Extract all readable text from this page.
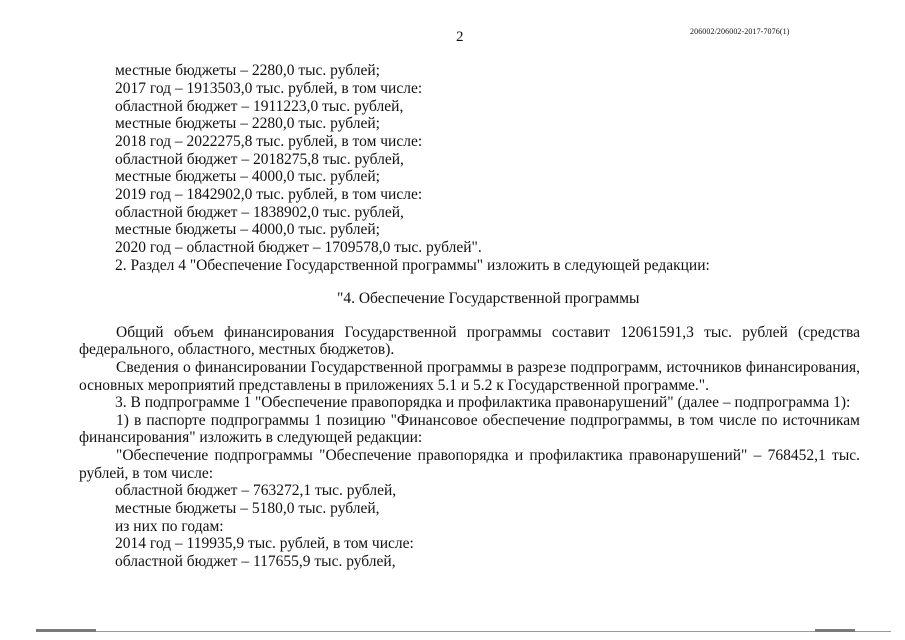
2	206002/206002-2017-7076(1)
местные бюджеты – 2280,0 тыс. рублей;
2017 год – 1913503,0 тыс. рублей, в том числе:
областной бюджет – 1911223,0 тыс. рублей,
местные бюджеты – 2280,0 тыс. рублей;
2018 год – 2022275,8 тыс. рублей, в том числе:
областной бюджет – 2018275,8 тыс. рублей,
местные бюджеты – 4000,0 тыс. рублей;
2019 год – 1842902,0 тыс. рублей, в том числе:
областной бюджет – 1838902,0 тыс. рублей,
местные бюджеты – 4000,0 тыс. рублей;
2020 год – областной бюджет – 1709578,0 тыс. рублей".
2. Раздел 4 "Обеспечение Государственной программы" изложить в следующей редакции:
"4. Обеспечение Государственной программы
Общий объем финансирования Государственной программы составит 12061591,3 тыс. рублей (средства
федерального, областного, местных бюджетов).
Сведения о финансировании Государственной программы в разрезе подпрограмм, источников финансирования,
основных мероприятий представлены в приложениях 5.1 и 5.2 к Государственной программе.".
3. В подпрограмме 1 "Обеспечение правопорядка и профилактика правонарушений" (далее – подпрограмма 1):
1) в паспорте подпрограммы 1 позицию "Финансовое обеспечение подпрограммы, в том числе по источникам
финансирования" изложить в следующей редакции:
"Обеспечение подпрограммы "Обеспечение правопорядка и профилактика правонарушений" – 768452,1 тыс.
рублей, в том числе:
областной бюджет – 763272,1 тыс. рублей,
местные бюджеты – 5180,0 тыс. рублей,
из них по годам:
2014 год – 119935,9 тыс. рублей, в том числе:
областной бюджет – 117655,9 тыс. рублей,
